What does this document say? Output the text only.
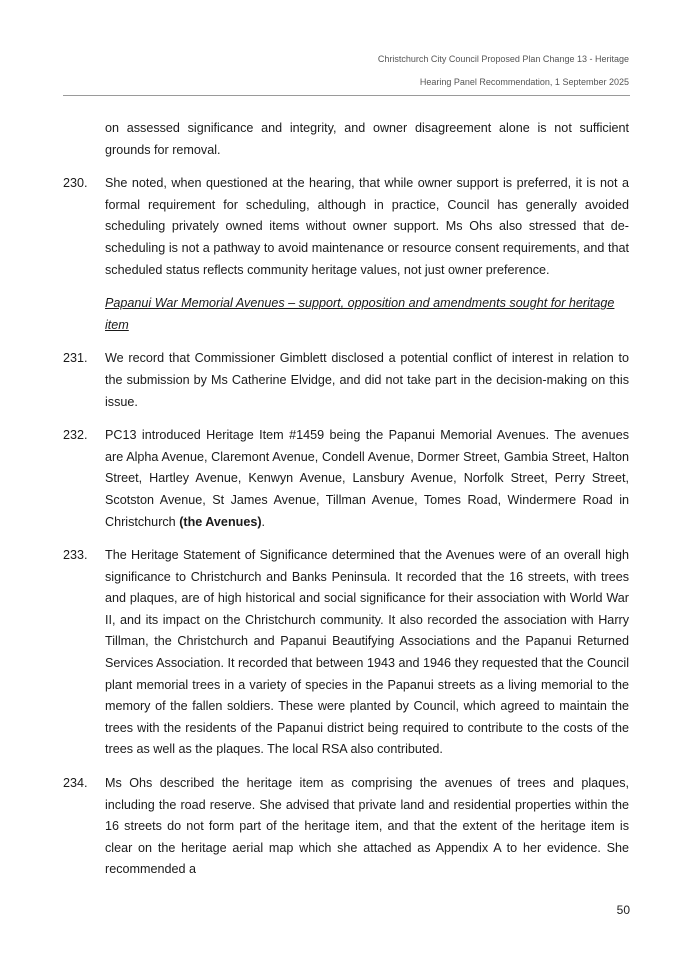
Christchurch City Council Proposed Plan Change 13 - Heritage
Hearing Panel Recommendation, 1 September 2025

on assessed significance and integrity, and owner disagreement alone is not sufficient grounds for removal.

230. She noted, when questioned at the hearing, that while owner support is preferred, it is not a formal requirement for scheduling, although in practice, Council has generally avoided scheduling privately owned items without owner support. Ms Ohs also stressed that de-scheduling is not a pathway to avoid maintenance or resource consent requirements, and that scheduled status reflects community heritage values, not just owner preference.

Papanui War Memorial Avenues – support, opposition and amendments sought for heritage item

231. We record that Commissioner Gimblett disclosed a potential conflict of interest in relation to the submission by Ms Catherine Elvidge, and did not take part in the decision-making on this issue.

232. PC13 introduced Heritage Item #1459 being the Papanui Memorial Avenues. The avenues are Alpha Avenue, Claremont Avenue, Condell Avenue, Dormer Street, Gambia Street, Halton Street, Hartley Avenue, Kenwyn Avenue, Lansbury Avenue, Norfolk Street, Perry Street, Scotston Avenue, St James Avenue, Tillman Avenue, Tomes Road, Windermere Road in Christchurch (the Avenues).

233. The Heritage Statement of Significance determined that the Avenues were of an overall high significance to Christchurch and Banks Peninsula. It recorded that the 16 streets, with trees and plaques, are of high historical and social significance for their association with World War II, and its impact on the Christchurch community. It also recorded the association with Harry Tillman, the Christchurch and Papanui Beautifying Associations and the Papanui Returned Services Association. It recorded that between 1943 and 1946 they requested that the Council plant memorial trees in a variety of species in the Papanui streets as a living memorial to the memory of the fallen soldiers. These were planted by Council, which agreed to maintain the trees with the residents of the Papanui district being required to contribute to the costs of the trees as well as the plaques. The local RSA also contributed.

234. Ms Ohs described the heritage item as comprising the avenues of trees and plaques, including the road reserve. She advised that private land and residential properties within the 16 streets do not form part of the heritage item, and that the extent of the heritage item is clear on the heritage aerial map which she attached as Appendix A to her evidence. She recommended a

50
